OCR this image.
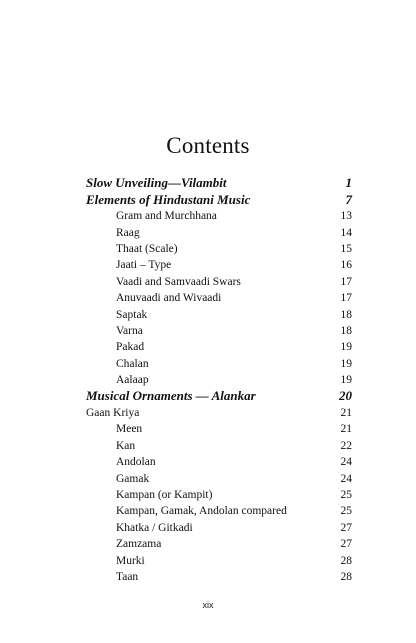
Contents
Slow Unveiling—Vilambit	1
Elements of Hindustani Music	7
Gram and Murchhana	13
Raag	14
Thaat (Scale)	15
Jaati – Type	16
Vaadi and Samvaadi Swars	17
Anuvaadi and Wivaadi	17
Saptak	18
Varna	18
Pakad	19
Chalan	19
Aalaap	19
Musical Ornaments — Alankar	20
Gaan Kriya	21
Meen	21
Kan	22
Andolan	24
Gamak	24
Kampan (or Kampit)	25
Kampan, Gamak, Andolan compared	25
Khatka / Gitkadi	27
Zamzama	27
Murki	28
Taan	28
xix
